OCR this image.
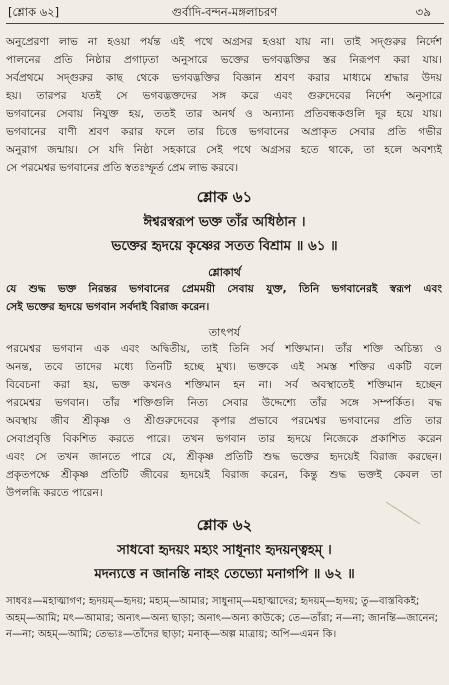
[শ্লোক ৬২]	গুর্বাদি-বন্দন-মঙ্গলাচরণ	৩৯
অনুপ্রেরণা লাভ না হওয়া পর্যন্ত এই পথে অগ্রসর হওয়া যায় না। তাই সদ্গুরুর নির্দেশ
পালনের প্রতি নিষ্ঠার প্রগাঢ়তা অনুসারে ভক্তের ভগবদ্ভক্তির স্তর নিরূপণ করা যায়।
সর্বপ্রথমে সদ্গুরুর কাছ থেকে ভগবদ্ভক্তির বিজ্ঞান শ্রবণ করার মাধ্যমে শ্রদ্ধার উদয়
হয়। তারপর যতই সে ভগবদ্ভক্তদের সঙ্গ করে এবং গুরুদেবের নির্দেশ অনুসারে
ভগবানের সেবায় নিযুক্ত হয়, ততই তার অনর্থ ও অন্যান্য প্রতিবন্ধকগুলি দূর হয়ে যায়।
ভগবানের বাণী শ্রবণ করার ফলে তার চিত্তে ভগবানের অপ্রাকৃত সেবার প্রতি গভীর
অনুরাগ জন্মায়। সে যদি নিষ্ঠা সহকারে সেই পথে অগ্রসর হতে থাকে, তা হলে অবশ্যই
সে পরমেশ্বর ভগবানের প্রতি স্বতঃস্ফূর্ত প্রেম লাভ করবে।
শ্লোক ৬১
ঈশ্বরস্বরূপ ভক্ত তাঁর অধিষ্ঠান ।
ভক্তের হৃদয়ে কৃষ্ণের সতত বিশ্রাম ॥ ৬১ ॥
শ্লোকার্থ
যে শুদ্ধ ভক্ত নিরন্তর ভগবানের প্রেমময়ী সেবায় যুক্ত, তিনি ভগবানেরই স্বরূপ এবং
সেই ভক্তের হৃদয়ে ভগবান সর্বদাই বিরাজ করেন।
তাৎপর্য
পরমেশ্বর ভগবান এক এবং অদ্বিতীয়, তাই তিনি সর্ব শক্তিমান। তাঁর শক্তি অচিন্ত্য ও
অনন্ত, তবে তাদের মধ্যে তিনটি হচ্ছে মুখ্য। ভক্তকে এই সমস্ত শক্তির একটি বলে
বিবেচনা করা হয়, ভক্ত কখনও শক্তিমান হন না। সর্ব অবস্থাতেই শক্তিমান হচ্ছেন
পরমেশ্বর ভগবান। তাঁর শক্তিগুলি নিত্য সেবার উদ্দেশ্যে তাঁর সঙ্গে সম্পর্কিত। বদ্ধ
অবস্থায় জীব শ্রীকৃষ্ণ ও শ্রীগুরুদেবের কৃপার প্রভাবে পরমেশ্বর ভগবানের প্রতি তার
সেবাপ্রবৃত্তি বিকশিত করতে পারে। তখন ভগবান তার হৃদয়ে নিজেকে প্রকাশিত করেন
এবং সে তখন জানতে পারে যে, শ্রীকৃষ্ণ প্রতিটি শুদ্ধ ভক্তের হৃদয়েই বিরাজ করছেন।
প্রকৃতপক্ষে শ্রীকৃষ্ণ প্রতিটি জীবের হৃদয়েই বিরাজ করেন, কিন্তু শুদ্ধ ভক্তই কেবল তা
উপলব্ধি করতে পারেন।
শ্লোক ৬২
সাধবো হৃদয়ং মহ্যং সাধূনাং হৃদয়ন্ত্বহম্ ।
মদন্যত্তে ন জানন্তি নাহং তেভ্যো মনাগপি ॥ ৬২ ॥
সাধবঃ—মহাত্মাগণ; হৃদয়ম্—হৃদয়; মহ্যম্—আমার; সাধুনাম্—মহাত্মাদের; হৃদয়ম্—হৃদয়; তু—বাস্তবিকই; অহম্—আমি; মৎ—আমার; অন্যৎ—অন্য ছাড়া; অনাৎ—অন্য কাউকে; তে—তাঁরা; ন—না; জানন্তি—জানেন; ন—না; অহম্—আমি; তেভ্যঃ—তাঁদের ছাড়া; মনাক্—অল্প মাত্রায়; অপি—এমন কি।
